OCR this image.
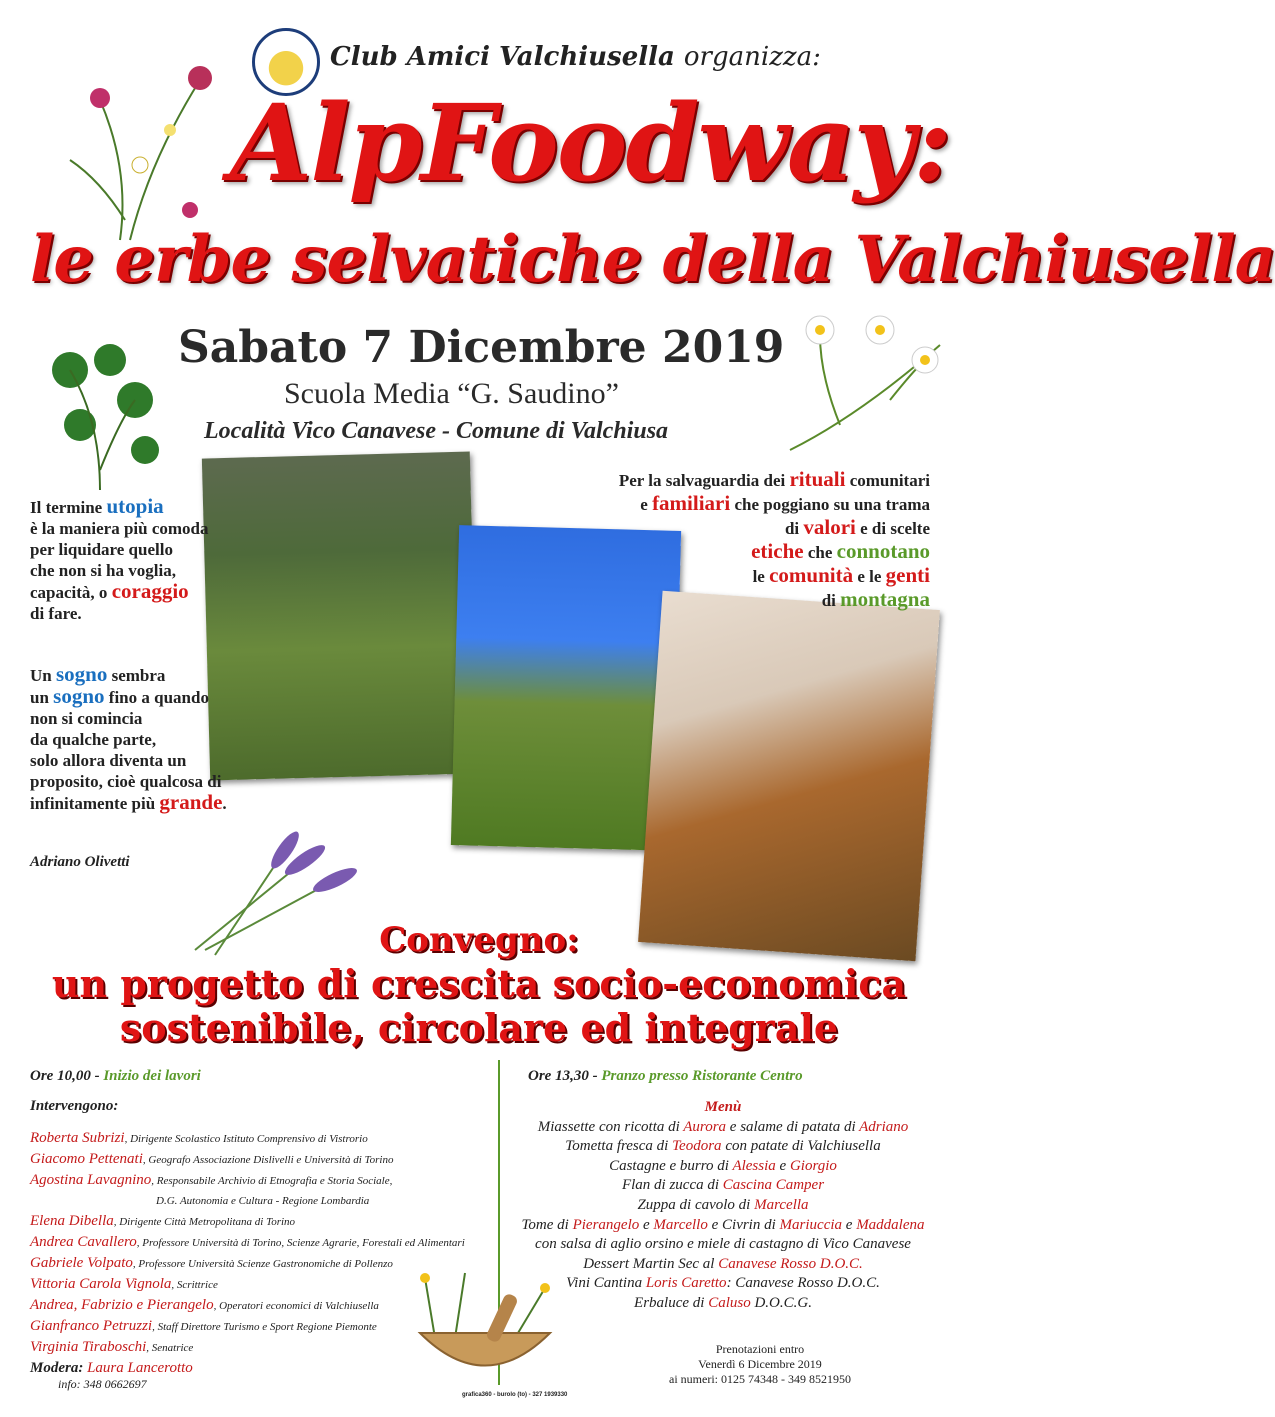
Club Amici Valchiusella organizza:
AlpFoodway:
le erbe selvatiche della Valchiusella
Sabato 7 Dicembre 2019
Scuola Media “G. Saudino”
Località Vico Canavese - Comune di Valchiusa
Il termine utopia
è la maniera più comoda
per liquidare quello
che non si ha voglia,
capacità, o coraggio
di fare.
Un sogno sembra
un sogno fino a quando
non si comincia
da qualche parte,
solo allora diventa un
proposito, cioè qualcosa di
infinitamente più grande.
Adriano Olivetti
Per la salvaguardia dei rituali comunitari
e familiari che poggiano su una trama
di valori e di scelte
etiche che connotano
le comunità e le genti
di montagna
Convegno:
un progetto di crescita socio-economica
sostenibile, circolare ed integrale
Ore 10,00 - Inizio dei lavori
Intervengono:
Roberta Subrizi, Dirigente Scolastico Istituto Comprensivo di Vistrorio
Giacomo Pettenati, Geografo Associazione Dislivelli e Università di Torino
Agostina Lavagnino, Responsabile Archivio di Etnografia e Storia Sociale,
D.G. Autonomia e Cultura - Regione Lombardia
Elena Dibella, Dirigente Città Metropolitana di Torino
Andrea Cavallero, Professore Università di Torino, Scienze Agrarie, Forestali ed Alimentari
Gabriele Volpato, Professore Università Scienze Gastronomiche di Pollenzo
Vittoria Carola Vignola, Scrittrice
Andrea, Fabrizio e Pierangelo, Operatori economici di Valchiusella
Gianfranco Petruzzi, Staff Direttore Turismo e Sport Regione Piemonte
Virginia Tiraboschi, Senatrice
Modera: Laura Lancerotto
info: 348 0662697
Ore 13,30 - Pranzo presso Ristorante Centro
Menù
Miassette con ricotta di Aurora e salame di patata di Adriano
Tometta fresca di Teodora con patate di Valchiusella
Castagne e burro di Alessia e Giorgio
Flan di zucca di Cascina Camper
Zuppa di cavolo di Marcella
Tome di Pierangelo e Marcello e Civrin di Mariuccia e Maddalena
con salsa di aglio orsino e miele di castagno di Vico Canavese
Dessert Martin Sec al Canavese Rosso D.O.C.
Vini Cantina Loris Caretto: Canavese Rosso D.O.C.
Erbaluce di Caluso D.O.C.G.
Prenotazioni entro
Venerdì 6 Dicembre 2019
ai numeri: 0125 74348 - 349 8521950
grafica360 - burolo (to) - 327 1939330
